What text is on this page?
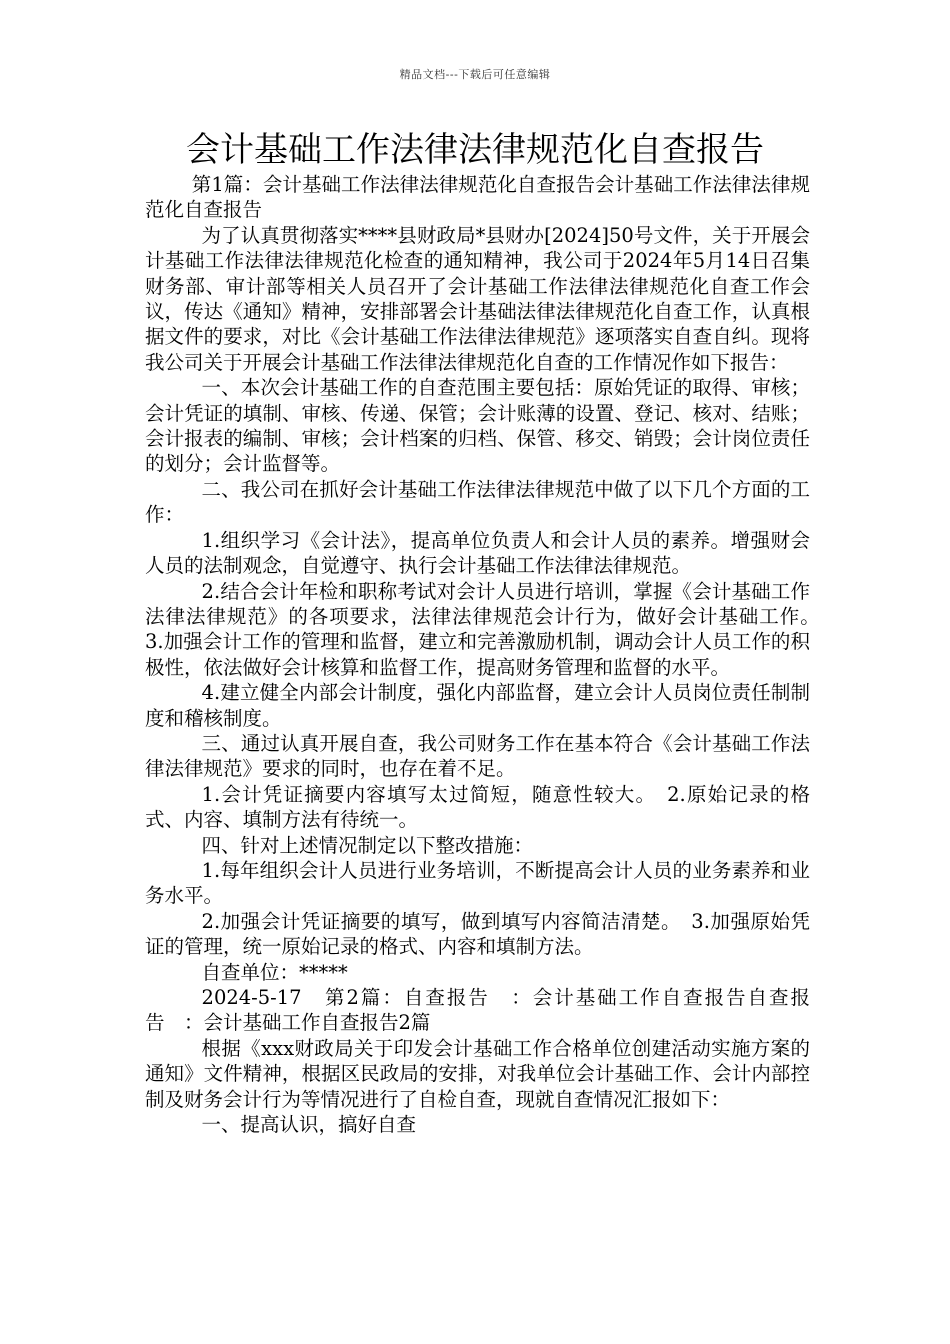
精品文档---下载后可任意编辑
会计基础工作法律法律规范化自查报告

第1篇：会计基础工作法律法律规范化自查报告会计基础工作法律法律规范化自查报告

为了认真贯彻落实****县财政局*县财办[2024]50号文件，关于开展会计基础工作法律法律规范化检查的通知精神，我公司于2024年5月14日召集财务部、审计部等相关人员召开了会计基础工作法律法律规范化自查工作会议，传达《通知》精神，安排部署会计基础法律法律规范化自查工作，认真根据文件的要求，对比《会计基础工作法律法律规范》逐项落实自查自纠。现将我公司关于开展会计基础工作法律法律规范化自查的工作情况作如下报告：

一、本次会计基础工作的自查范围主要包括：原始凭证的取得、审核；会计凭证的填制、审核、传递、保管；会计账薄的设置、登记、核对、结账；会计报表的编制、审核；会计档案的归档、保管、移交、销毁；会计岗位责任的划分；会计监督等。

二、我公司在抓好会计基础工作法律法律规范中做了以下几个方面的工作：

1.组织学习《会计法》，提高单位负责人和会计人员的素养。增强财会人员的法制观念，自觉遵守、执行会计基础工作法律法律规范。

2.结合会计年检和职称考试对会计人员进行培训，掌握《会计基础工作法律法律规范》的各项要求，法律法律规范会计行为，做好会计基础工作。　3.加强会计工作的管理和监督，建立和完善激励机制，调动会计人员工作的积极性，依法做好会计核算和监督工作，提高财务管理和监督的水平。

4.建立健全内部会计制度，强化内部监督，建立会计人员岗位责任制制度和稽核制度。

三、通过认真开展自查，我公司财务工作在基本符合《会计基础工作法律法律规范》要求的同时，也存在着不足。

1.会计凭证摘要内容填写太过简短，随意性较大。　2.原始记录的格式、内容、填制方法有待统一。

四、针对上述情况制定以下整改措施：

1.每年组织会计人员进行业务培训，不断提高会计人员的业务素养和业务水平。

2.加强会计凭证摘要的填写，做到填写内容简洁清楚。　3.加强原始凭证的管理，统一原始记录的格式、内容和填制方法。

自查单位：*****

2024-5-17　第2篇：自查报告　：会计基础工作自查报告自查报告　：会计基础工作自查报告2篇

根据《xxx财政局关于印发会计基础工作合格单位创建活动实施方案的通知》文件精神，根据区民政局的安排，对我单位会计基础工作、会计内部控制及财务会计行为等情况进行了自检自查，现就自查情况汇报如下：

一、提高认识，搞好自查
